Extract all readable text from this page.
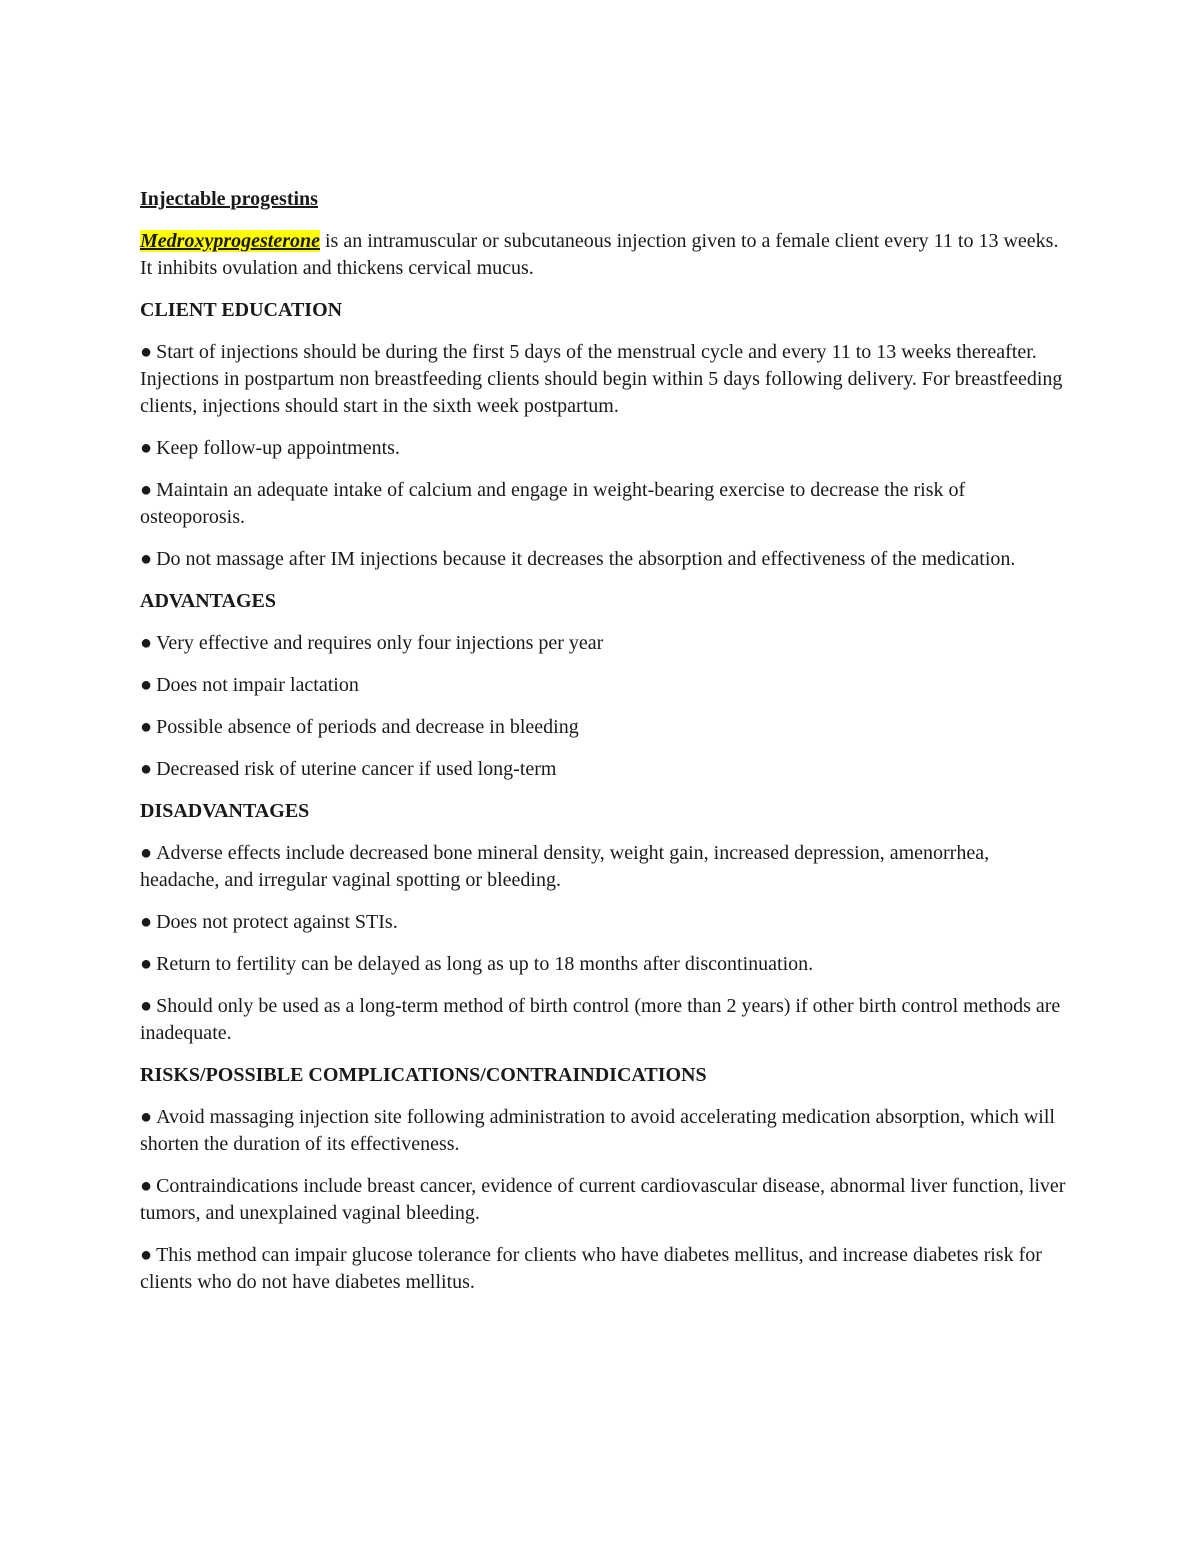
Injectable progestins

Medroxyprogesterone is an intramuscular or subcutaneous injection given to a female client every 11 to 13 weeks. It inhibits ovulation and thickens cervical mucus.

CLIENT EDUCATION

● Start of injections should be during the first 5 days of the menstrual cycle and every 11 to 13 weeks thereafter. Injections in postpartum non breastfeeding clients should begin within 5 days following delivery. For breastfeeding clients, injections should start in the sixth week postpartum.

● Keep follow-up appointments.

● Maintain an adequate intake of calcium and engage in weight-bearing exercise to decrease the risk of osteoporosis.

● Do not massage after IM injections because it decreases the absorption and effectiveness of the medication.

ADVANTAGES

● Very effective and requires only four injections per year

● Does not impair lactation

● Possible absence of periods and decrease in bleeding

● Decreased risk of uterine cancer if used long-term

DISADVANTAGES

● Adverse effects include decreased bone mineral density, weight gain, increased depression, amenorrhea, headache, and irregular vaginal spotting or bleeding.

● Does not protect against STIs.

● Return to fertility can be delayed as long as up to 18 months after discontinuation.

● Should only be used as a long-term method of birth control (more than 2 years) if other birth control methods are inadequate.

RISKS/POSSIBLE COMPLICATIONS/CONTRAINDICATIONS

● Avoid massaging injection site following administration to avoid accelerating medication absorption, which will shorten the duration of its effectiveness.

● Contraindications include breast cancer, evidence of current cardiovascular disease, abnormal liver function, liver tumors, and unexplained vaginal bleeding.

● This method can impair glucose tolerance for clients who have diabetes mellitus, and increase diabetes risk for clients who do not have diabetes mellitus.
